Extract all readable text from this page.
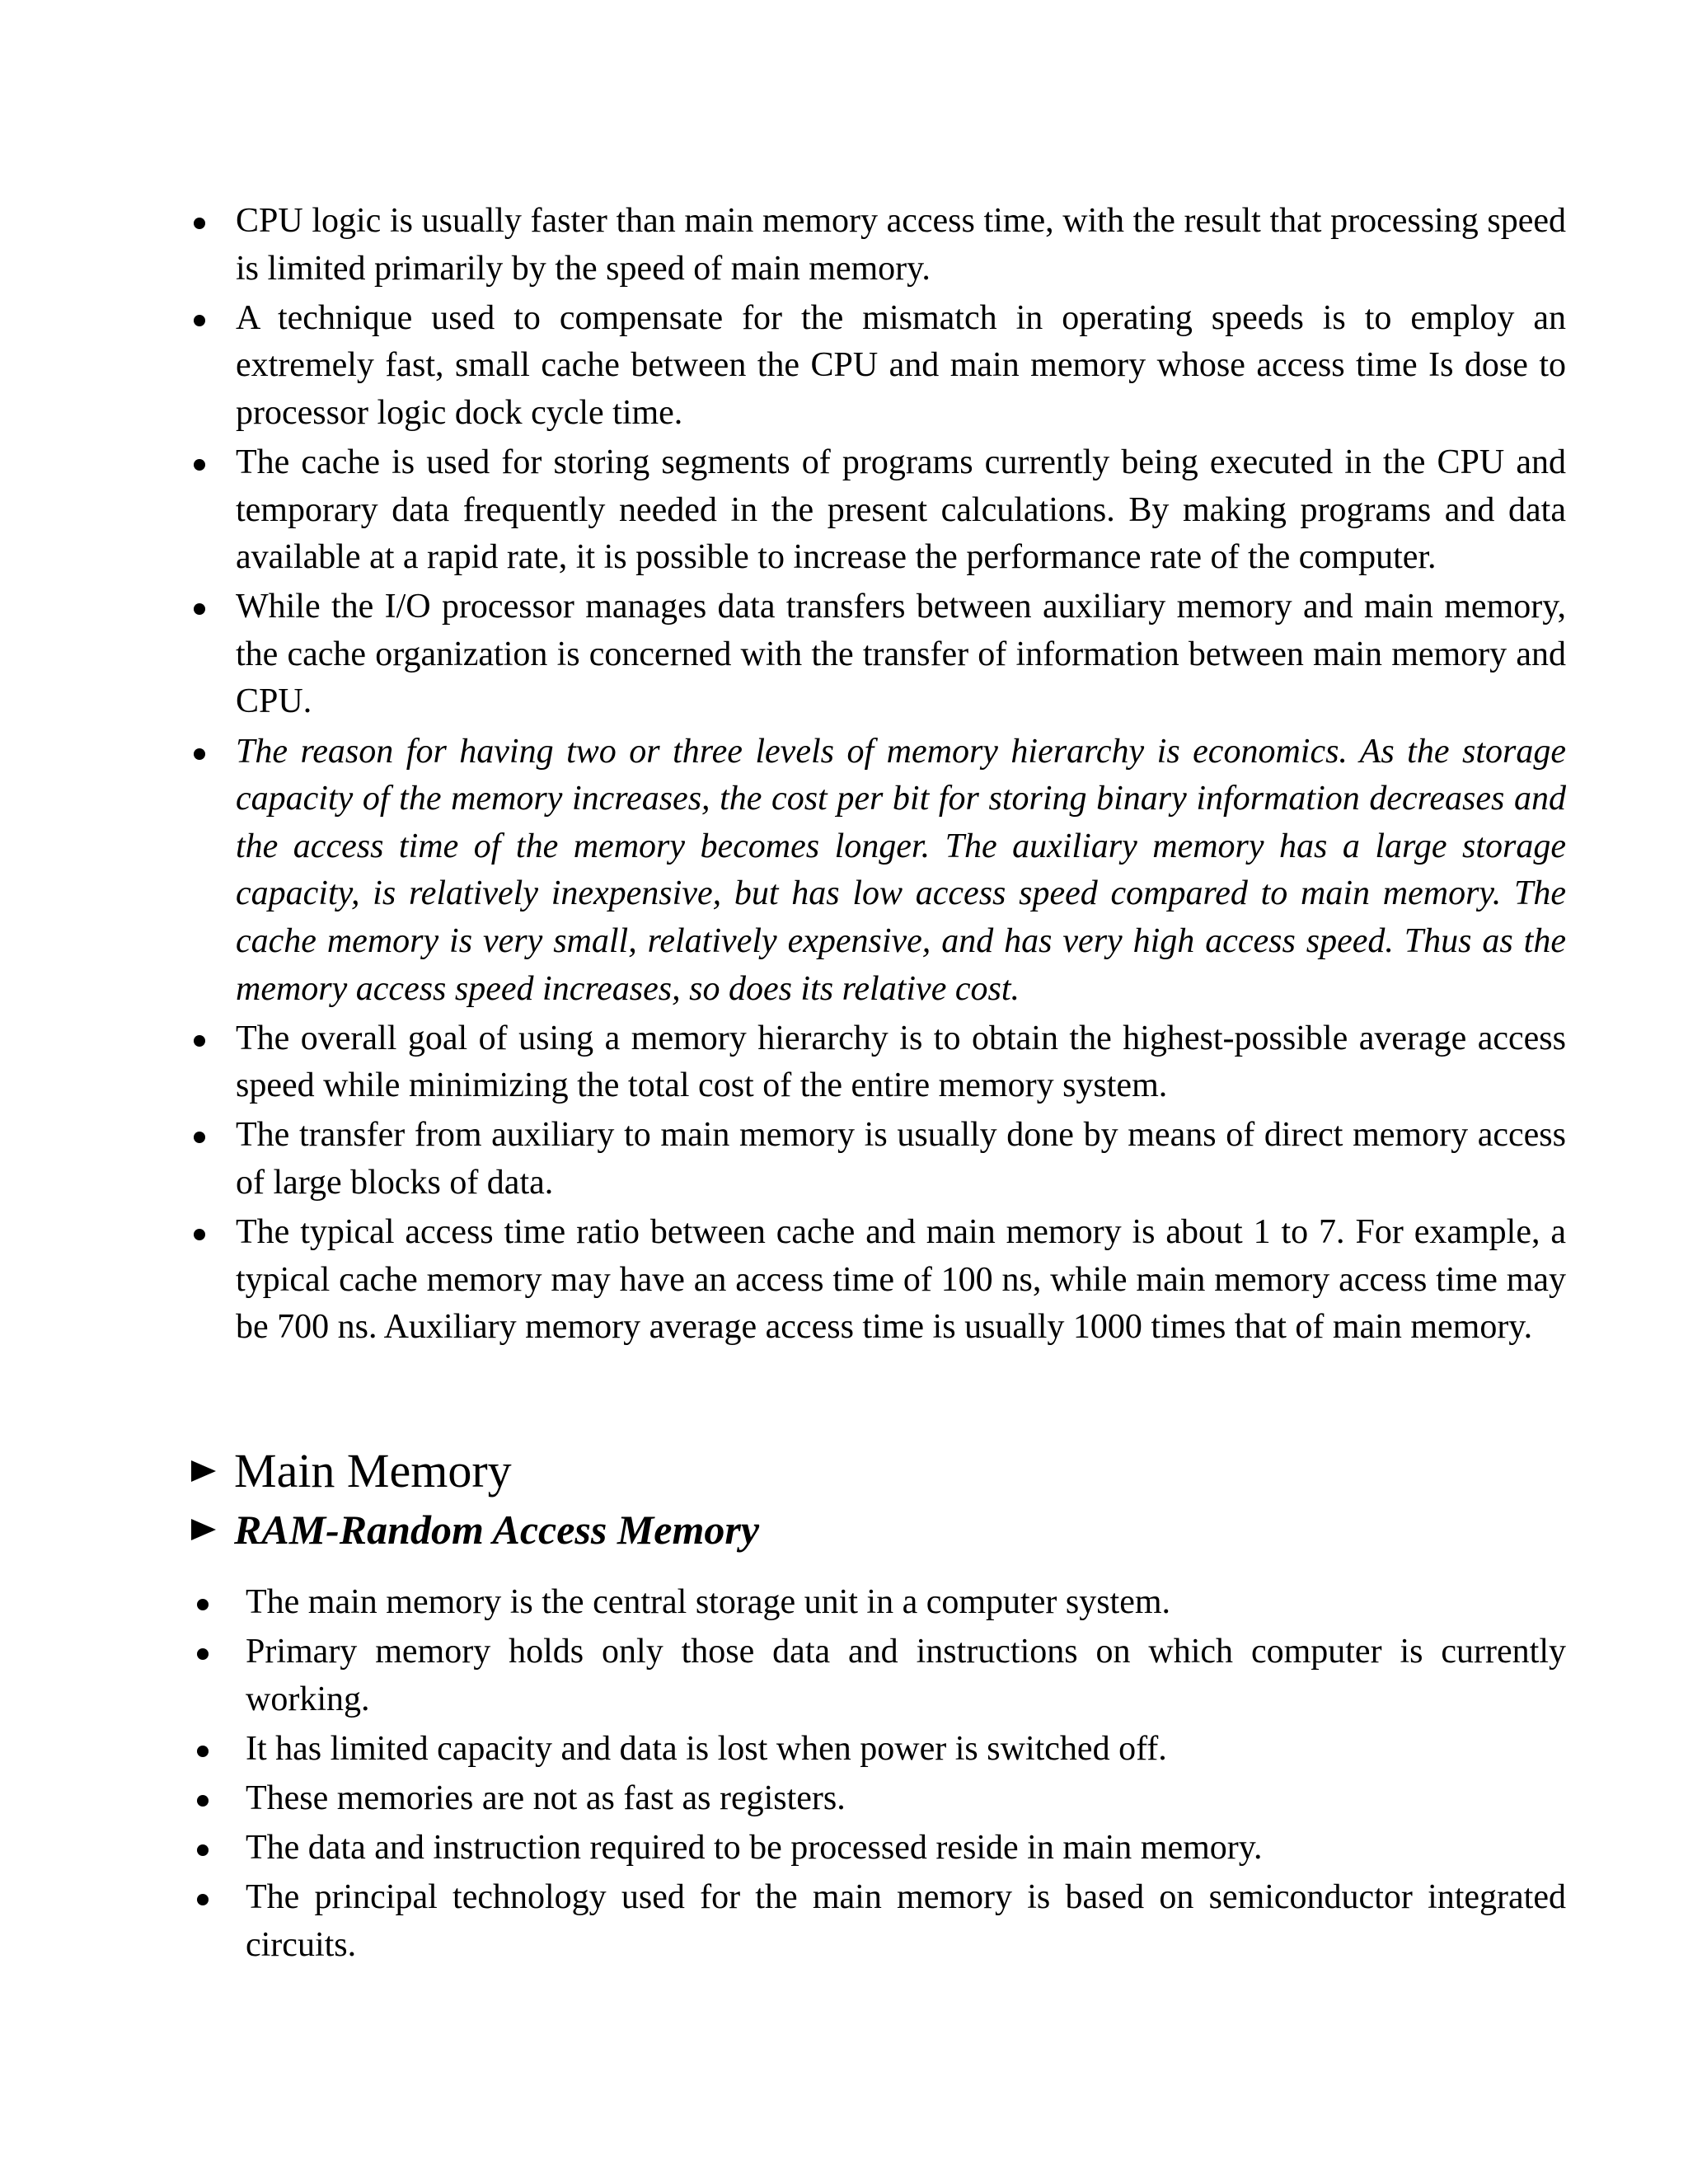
CPU logic is usually faster than main memory access time, with the result that processing speed is limited primarily by the speed of main memory.
A technique used to compensate for the mismatch in operating speeds is to employ an extremely fast, small cache between the CPU and main memory whose access time Is dose to processor logic dock cycle time.
The cache is used for storing segments of programs currently being executed in the CPU and temporary data frequently needed in the present calculations. By making programs and data available at a rapid rate, it is possible to increase the performance rate of the computer.
While the I/O processor manages data transfers between auxiliary memory and main memory, the cache organization is concerned with the transfer of information between main memory and CPU.
The reason for having two or three levels of memory hierarchy is economics. As the storage capacity of the memory increases, the cost per bit for storing binary information decreases and the access time of the memory becomes longer. The auxiliary memory has a large storage capacity, is relatively inexpensive, but has low access speed compared to main memory. The cache memory is very small, relatively expensive, and has very high access speed. Thus as the memory access speed increases, so does its relative cost.
The overall goal of using a memory hierarchy is to obtain the highest-possible average access speed while minimizing the total cost of the entire memory system.
The transfer from auxiliary to main memory is usually done by means of direct memory access of large blocks of data.
The typical access time ratio between cache and main memory is about 1 to 7. For example, a typical cache memory may have an access time of 100 ns, while main memory access time may be 700 ns. Auxiliary memory average access time is usually 1000 times that of main memory.
Main Memory
RAM-Random Access Memory
The main memory is the central storage unit in a computer system.
Primary memory holds only those data and instructions on which computer is currently working.
It has limited capacity and data is lost when power is switched off.
These memories are not as fast as registers.
The data and instruction required to be processed reside in main memory.
The principal technology used for the main memory is based on semiconductor integrated circuits.
